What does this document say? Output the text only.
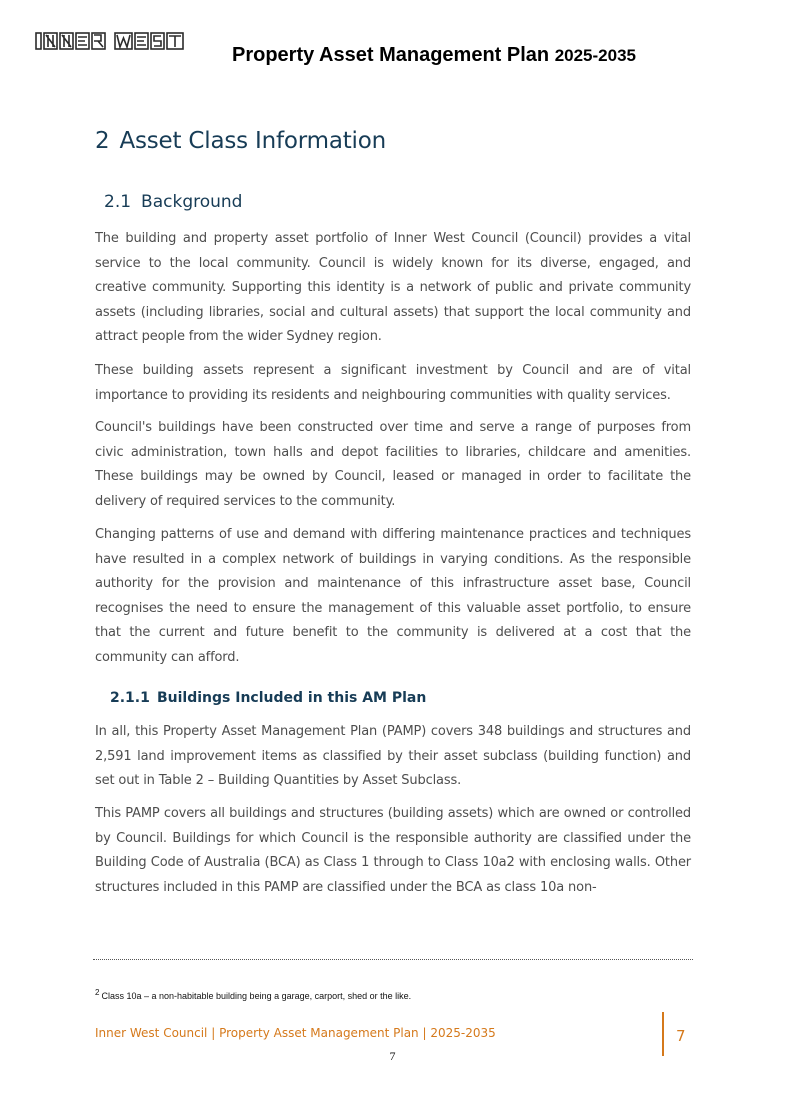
Property Asset Management Plan 2025-2035
2 Asset Class Information
2.1 Background

The building and property asset portfolio of Inner West Council (Council) provides a vital service to the local community. Council is widely known for its diverse, engaged, and creative community. Supporting this identity is a network of public and private community assets (including libraries, social and cultural assets) that support the local community and attract people from the wider Sydney region.

These building assets represent a significant investment by Council and are of vital importance to providing its residents and neighbouring communities with quality services.

Council's buildings have been constructed over time and serve a range of purposes from civic administration, town halls and depot facilities to libraries, childcare and amenities. These buildings may be owned by Council, leased or managed in order to facilitate the delivery of required services to the community.

Changing patterns of use and demand with differing maintenance practices and techniques have resulted in a complex network of buildings in varying conditions. As the responsible authority for the provision and maintenance of this infrastructure asset base, Council recognises the need to ensure the management of this valuable asset portfolio, to ensure that the current and future benefit to the community is delivered at a cost that the community can afford.

2.1.1 Buildings Included in this AM Plan

In all, this Property Asset Management Plan (PAMP) covers 348 buildings and structures and 2,591 land improvement items as classified by their asset subclass (building function) and set out in Table 2 – Building Quantities by Asset Subclass.

This PAMP covers all buildings and structures (building assets) which are owned or controlled by Council. Buildings for which Council is the responsible authority are classified under the Building Code of Australia (BCA) as Class 1 through to Class 10a2 with enclosing walls. Other structures included in this PAMP are classified under the BCA as class 10a non-

$^2$ Class 10a – a non-habitable building being a garage, carport, shed or the like.
Inner West Council | Property Asset Management Plan | 2025-2035	7
7
